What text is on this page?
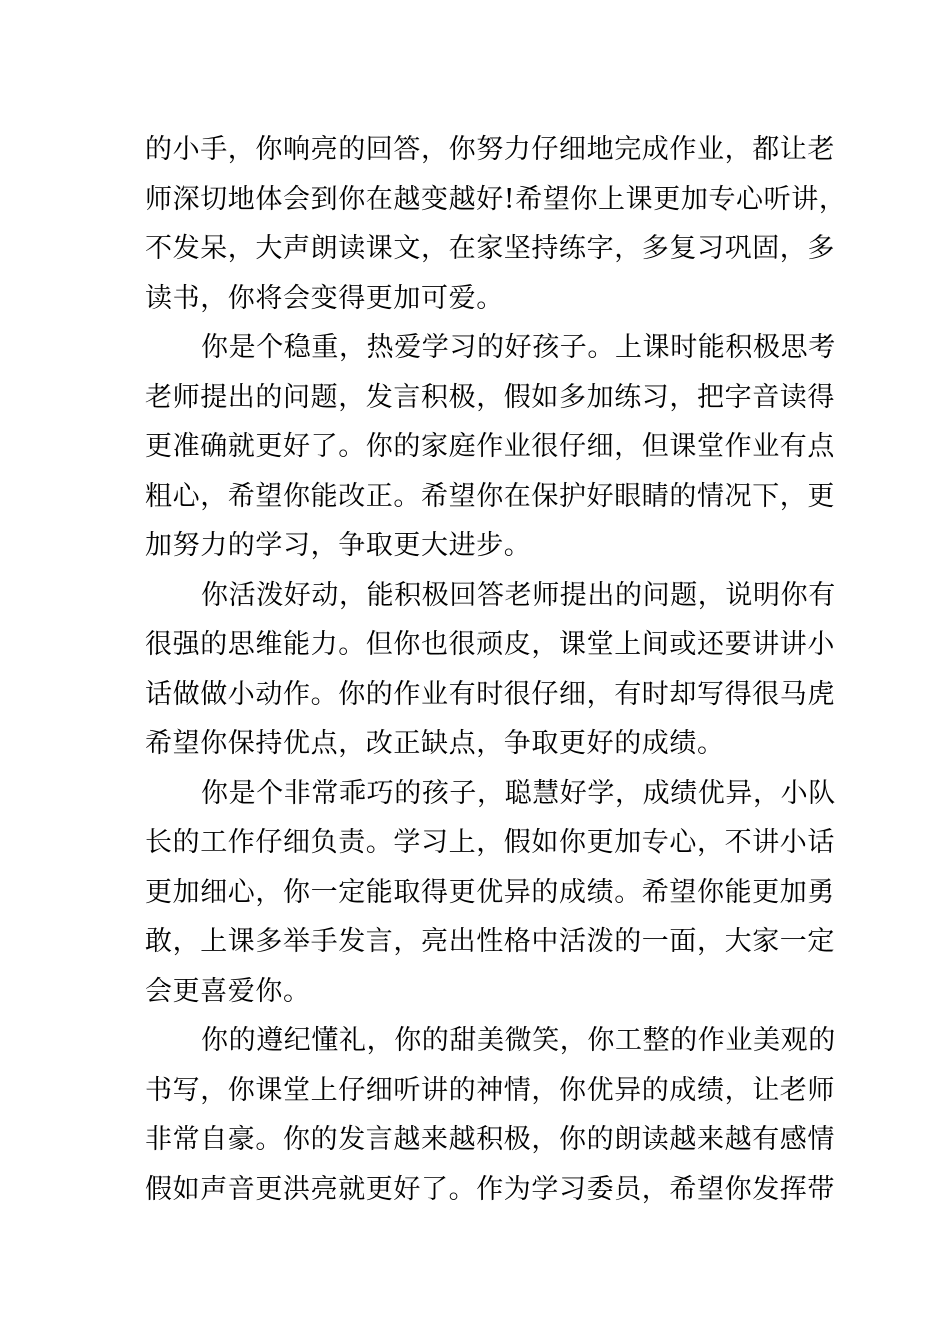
的小手，你响亮的回答，你努力仔细地完成作业，都让老
师深切地体会到你在越变越好!希望你上课更加专心听讲，
不发呆，大声朗读课文，在家坚持练字，多复习巩固，多
读书，你将会变得更加可爱。
你是个稳重，热爱学习的好孩子。上课时能积极思考
老师提出的问题，发言积极，假如多加练习，把字音读得
更准确就更好了。你的家庭作业很仔细，但课堂作业有点
粗心，希望你能改正。希望你在保护好眼睛的情况下，更
加努力的学习，争取更大进步。
你活泼好动，能积极回答老师提出的问题，说明你有
很强的思维能力。但你也很顽皮，课堂上间或还要讲讲小
话做做小动作。你的作业有时很仔细，有时却写得很马虎
希望你保持优点，改正缺点，争取更好的成绩。
你是个非常乖巧的孩子，聪慧好学，成绩优异，小队
长的工作仔细负责。学习上，假如你更加专心，不讲小话
更加细心，你一定能取得更优异的成绩。希望你能更加勇
敢，上课多举手发言，亮出性格中活泼的一面，大家一定
会更喜爱你。
你的遵纪懂礼，你的甜美微笑，你工整的作业美观的
书写，你课堂上仔细听讲的神情，你优异的成绩，让老师
非常自豪。你的发言越来越积极，你的朗读越来越有感情
假如声音更洪亮就更好了。作为学习委员，希望你发挥带
